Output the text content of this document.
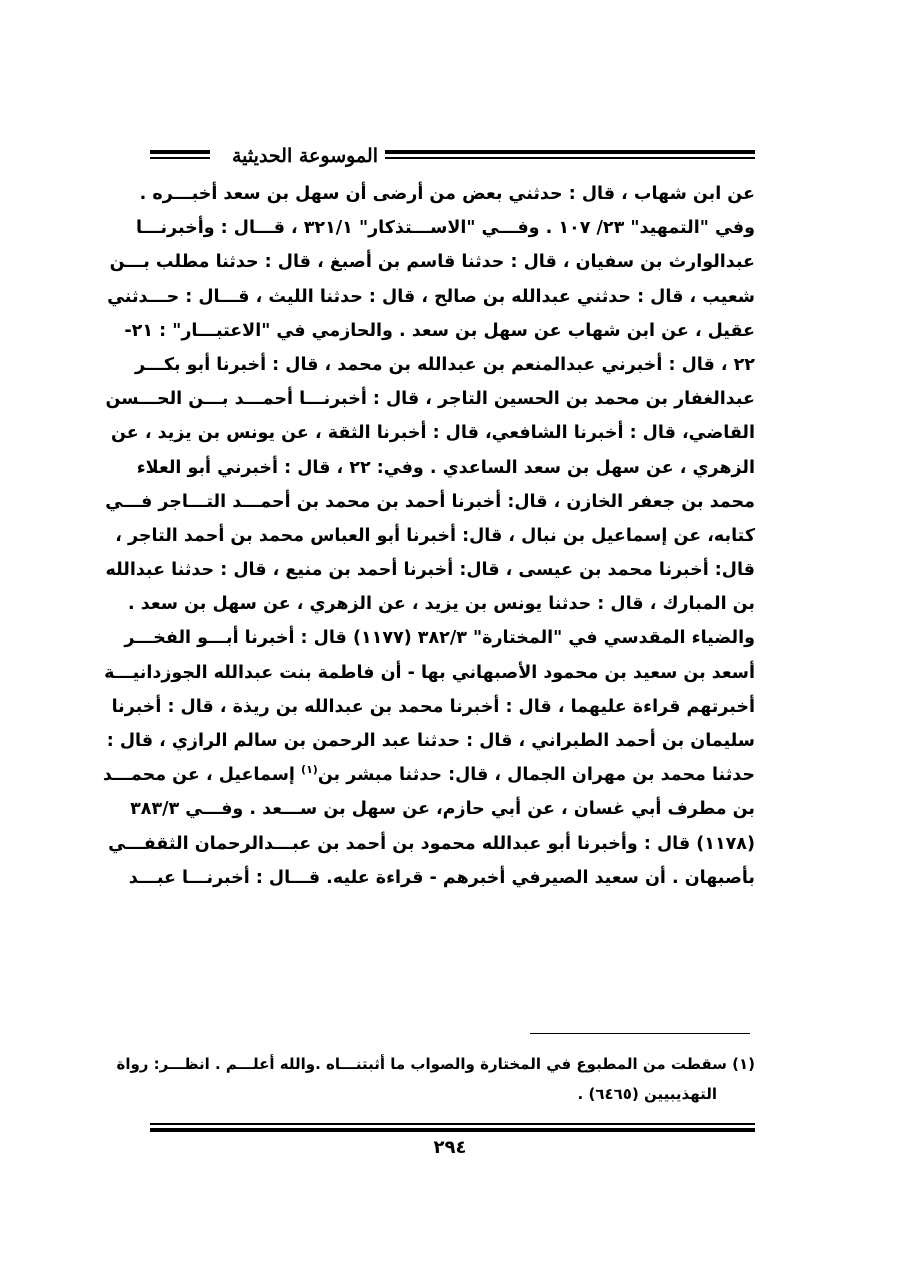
الموسوعة الحديثية
عن ابن شهاب ، قال : حدثني بعض من أرضى أن سهل بن سعد أخبـــره .
وفي "التمهيد" ٢٣/ ١٠٧ . وفـــي "الاســـتذكار" ٣٢١/١ ، قـــال : وأخبرنـــا
عبدالوارث بن سفيان ، قال : حدثنا قاسم بن أصبغ ، قال : حدثنا مطلب بـــن
شعيب ، قال : حدثني عبدالله بن صالح ، قال : حدثنا الليث ، قـــال : حـــدثني
عقيل ، عن ابن شهاب عن سهل بن سعد . والحازمي في "الاعتبـــار" : ٢١-
٢٢ ، قال : أخبرني عبدالمنعم بن عبدالله بن محمد ، قال : أخبرنا أبو بكـــر
عبدالغفار بن محمد بن الحسين التاجر ، قال : أخبرنـــا أحمـــد بـــن الحـــسن
القاضي، قال : أخبرنا الشافعي، قال : أخبرنا الثقة ، عن يونس بن يزيد ، عن
الزهري ، عن سهل بن سعد الساعدي . وفي: ٢٢ ، قال : أخبرني أبو العلاء
محمد بن جعفر الخازن ، قال: أخبرنا أحمد بن محمد بن أحمـــد التـــاجر فـــي
كتابه، عن إسماعيل بن نبال ، قال: أخبرنا أبو العباس محمد بن أحمد التاجر ،
قال: أخبرنا محمد بن عيسى ، قال: أخبرنا أحمد بن منيع ، قال : حدثنا عبدالله
بن المبارك ، قال : حدثنا يونس بن يزيد ، عن الزهري ، عن سهل بن سعد .
والضياء المقدسي في "المختارة" ٣٨٢/٣ (١١٧٧) قال : أخبرنا أبـــو الفخـــر
أسعد بن سعيد بن محمود الأصبهاني بها - أن فاطمة بنت عبدالله الجوزدانيـــة
أخبرتهم قراءة عليهما ، قال : أخبرنا محمد بن عبدالله بن ريذة ، قال : أخبرنا
سليمان بن أحمد الطبراني ، قال : حدثنا عبد الرحمن بن سالم الرازي ، قال :
حدثنا محمد بن مهران الجمال ، قال: حدثنا مبشر بن$^{(١)}$ إسماعيل ، عن محمـــد
بن مطرف أبي غسان ، عن أبي حازم، عن سهل بن ســـعد . وفـــي ٣٨٣/٣
(١١٧٨) قال : وأخبرنا أبو عبدالله محمود بن أحمد بن عبـــدالرحمان الثقفـــي
بأصبهان . أن سعيد الصيرفي أخبرهم - قراءة عليه. قـــال : أخبرنـــا عبـــد
(١) سقطت من المطبوع في المختارة والصواب ما أثبتنـــاه .والله أعلـــم . انظـــر: رواة
التهذيبيين (٦٤٦٥) .
٢٩٤
